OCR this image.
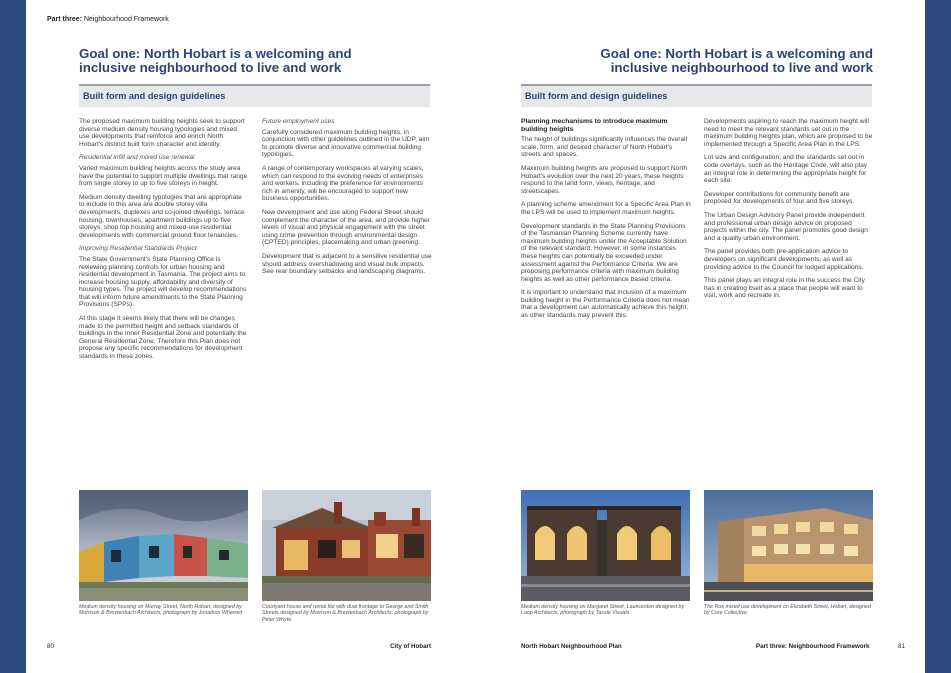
Part three: Neighbourhood Framework
Goal one: North Hobart is a welcoming and
inclusive neighbourhood to live and work
Built form and design guidelines

The proposed maximum building heights seek to support diverse medium density housing typologies and mixed use developments that reinforce and enrich North Hobart's distinct built form character and identity.

Residential infill and mixed use renewal

Varied maximum building heights across the study area have the potential to support multiple dwellings that range from single storey to up to five storeys in height.

Medium density dwelling typologies that are appropriate to include in this area are double storey villa developments, duplexes and co-joined dwellings, terrace housing, townhouses, apartment buildings up to five storeys, shop top housing and mixed-use residential developments with commercial ground floor tenancies.

Improving Residential Standards Project

The State Government's State Planning Office is reviewing planning controls for urban housing and residential development in Tasmania. The project aims to increase housing supply, affordability and diversity of housing types. The project will develop recommendations that will inform future amendments to the State Planning Provisions (SPPs).

At this stage it seems likely that there will be changes made to the permitted height and setback standards of buildings in the Inner Residential Zone and potentially the General Residential Zone. Therefore this Plan does not propose any specific recommendations for development standards in these zones.

Future employment uses

Carefully considered maximum building heights, in conjunction with other guidelines outlined in the UDP, aim to promote diverse and innovative commercial building typologies.

A range of contemporary workspaces at varying scales, which can respond to the evolving needs of enterprises and workers, including the preference for environments rich in amenity, will be encouraged to support new business opportunities.

New development and use along Federal Street should complement the character of the area, and provide higher levels of visual and physical engagement with the street using crime prevention through environmental design (CPTED) principles, placemaking and urban greening.

Development that is adjacent to a sensitive residential use should address overshadowing and visual bulk impacts. See rear boundary setbacks and landscaping diagrams.

Medium density housing on Murray Street, North Hobart, designed by Morrison & Breytenbach Architects, photograph by Jonathon Wherrett
Courtyard house and rental flat with dual frontage to George and Smith Streets designed by Morrison & Breytenbach Architects, photograph by Peter Whyte
80	City of Hobart
Goal one: North Hobart is a welcoming and
inclusive neighbourhood to live and work
Built form and design guidelines

Planning mechanisms to introduce maximum building heights

The height of buildings significantly influences the overall scale, form, and desired character of North Hobart's streets and spaces.

Maximum building heights are proposed to support North Hobart's evolution over the next 20 years, these heights respond to the land form, views, heritage, and streetscapes.

A planning scheme amendment for a Specific Area Plan in the LPS will be used to implement maximum heights.

Development standards in the State Planning Provisions of the Tasmanian Planning Scheme currently have maximum building heights under the Acceptable Solution of the relevant standard. However, in some instances these heights can potentially be exceeded under assessment against the Performance Criteria. We are proposing performance criteria with maximum building heights as well as other performance based criteria.

It is important to understand that inclusion of a maximum building height in the Performance Criteria does not mean that a development can automatically achieve this height, as other standards may prevent this.

Developments aspiring to reach the maximum height will need to meet the relevant standards set out in the maximum building heights plan, which are proposed to be implemented through a Specific Area Plan in the LPS.

Lot size and configuration, and the standards set out in code overlays, such as the Heritage Code, will also play an integral role in determining the appropriate height for each site.

Developer contributions for community benefit are proposed for developments of four and five storeys.

The Urban Design Advisory Panel provide independent and professional urban design advice on proposed projects within the city. The panel promotes good design and a quality urban environment.

The panel provides both pre-application advice to developers on significant developments, as well as providing advice to the Council for lodged applications.

This panel plays an integral role in the success the City has in creating itself as a place that people will want to visit, work and recreate in.

Medium density housing on Margaret Street, Launceston designed by Loop Architects, photograph by Tassie Visuals
The Rox mixed use development on Elizabeth Street, Hobart, designed by Core Collective
North Hobart Neighbourhood Plan	Part three: Neighbourhood Framework	81
